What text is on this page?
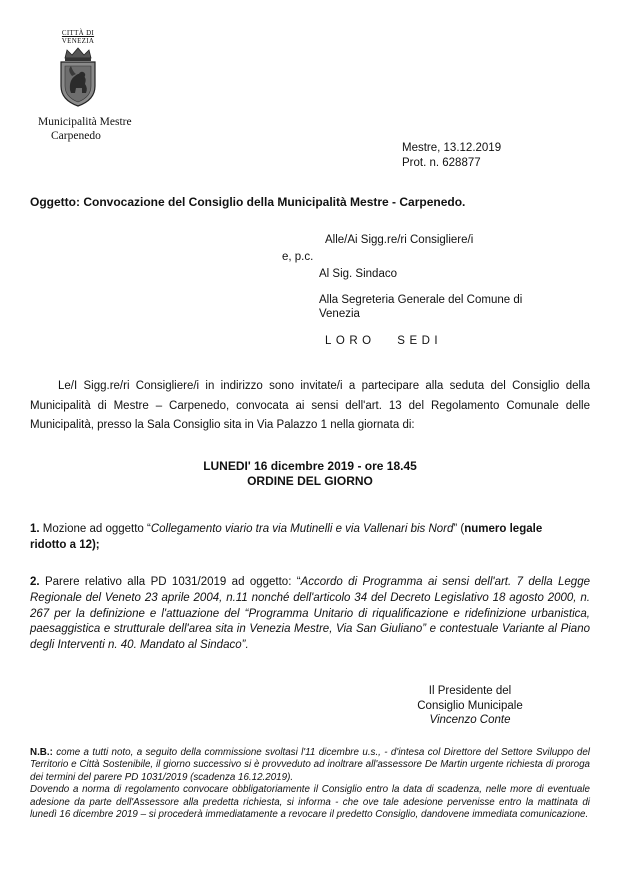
CITTÀ DI
VENEZIA
Municipalità Mestre
Carpenedo
Mestre, 13.12.2019
Prot. n. 628877
Oggetto: Convocazione del Consiglio della Municipalità Mestre - Carpenedo.
Alle/Ai Sigg.re/ri Consigliere/i
e, p.c.
Al Sig. Sindaco
Alla Segreteria Generale del Comune di
Venezia
LORO SEDI
Le/I Sigg.re/ri Consigliere/i in indirizzo sono invitate/i a partecipare alla seduta del Consiglio della Municipalità di Mestre – Carpenedo, convocata ai sensi dell'art. 13 del Regolamento Comunale delle Municipalità, presso la Sala Consiglio sita in Via Palazzo 1 nella giornata di:
LUNEDI' 16 dicembre 2019 - ore 18.45
ORDINE DEL GIORNO
1. Mozione ad oggetto “Collegamento viario tra via Mutinelli e via Vallenari bis Nord” (numero legale ridotto a 12);
2. Parere relativo alla PD 1031/2019 ad oggetto: “Accordo di Programma ai sensi dell'art. 7 della Legge Regionale del Veneto 23 aprile 2004, n.11 nonché dell'articolo 34 del Decreto Legislativo 18 agosto 2000, n. 267 per la definizione e l'attuazione del “Programma Unitario di riqualificazione e ridefinizione urbanistica, paesaggistica e strutturale dell'area sita in Venezia Mestre, Via San Giuliano” e contestuale Variante al Piano degli Interventi n. 40. Mandato al Sindaco”.
Il Presidente del
Consiglio Municipale
Vincenzo Conte
N.B.: come a tutti noto, a seguito della commissione svoltasi l'11 dicembre u.s., - d'intesa col Direttore del Settore Sviluppo del Territorio e Città Sostenibile, il giorno successivo si è provveduto ad inoltrare all'assessore De Martin urgente richiesta di proroga dei termini del parere PD 1031/2019 (scadenza 16.12.2019).
Dovendo a norma di regolamento convocare obbligatoriamente il Consiglio entro la data di scadenza, nelle more di eventuale adesione da parte dell'Assessore alla predetta richiesta, si informa - che ove tale adesione pervenisse entro la mattinata di lunedì 16 dicembre 2019 – si procederà immediatamente a revocare il predetto Consiglio, dandovene immediata comunicazione.
